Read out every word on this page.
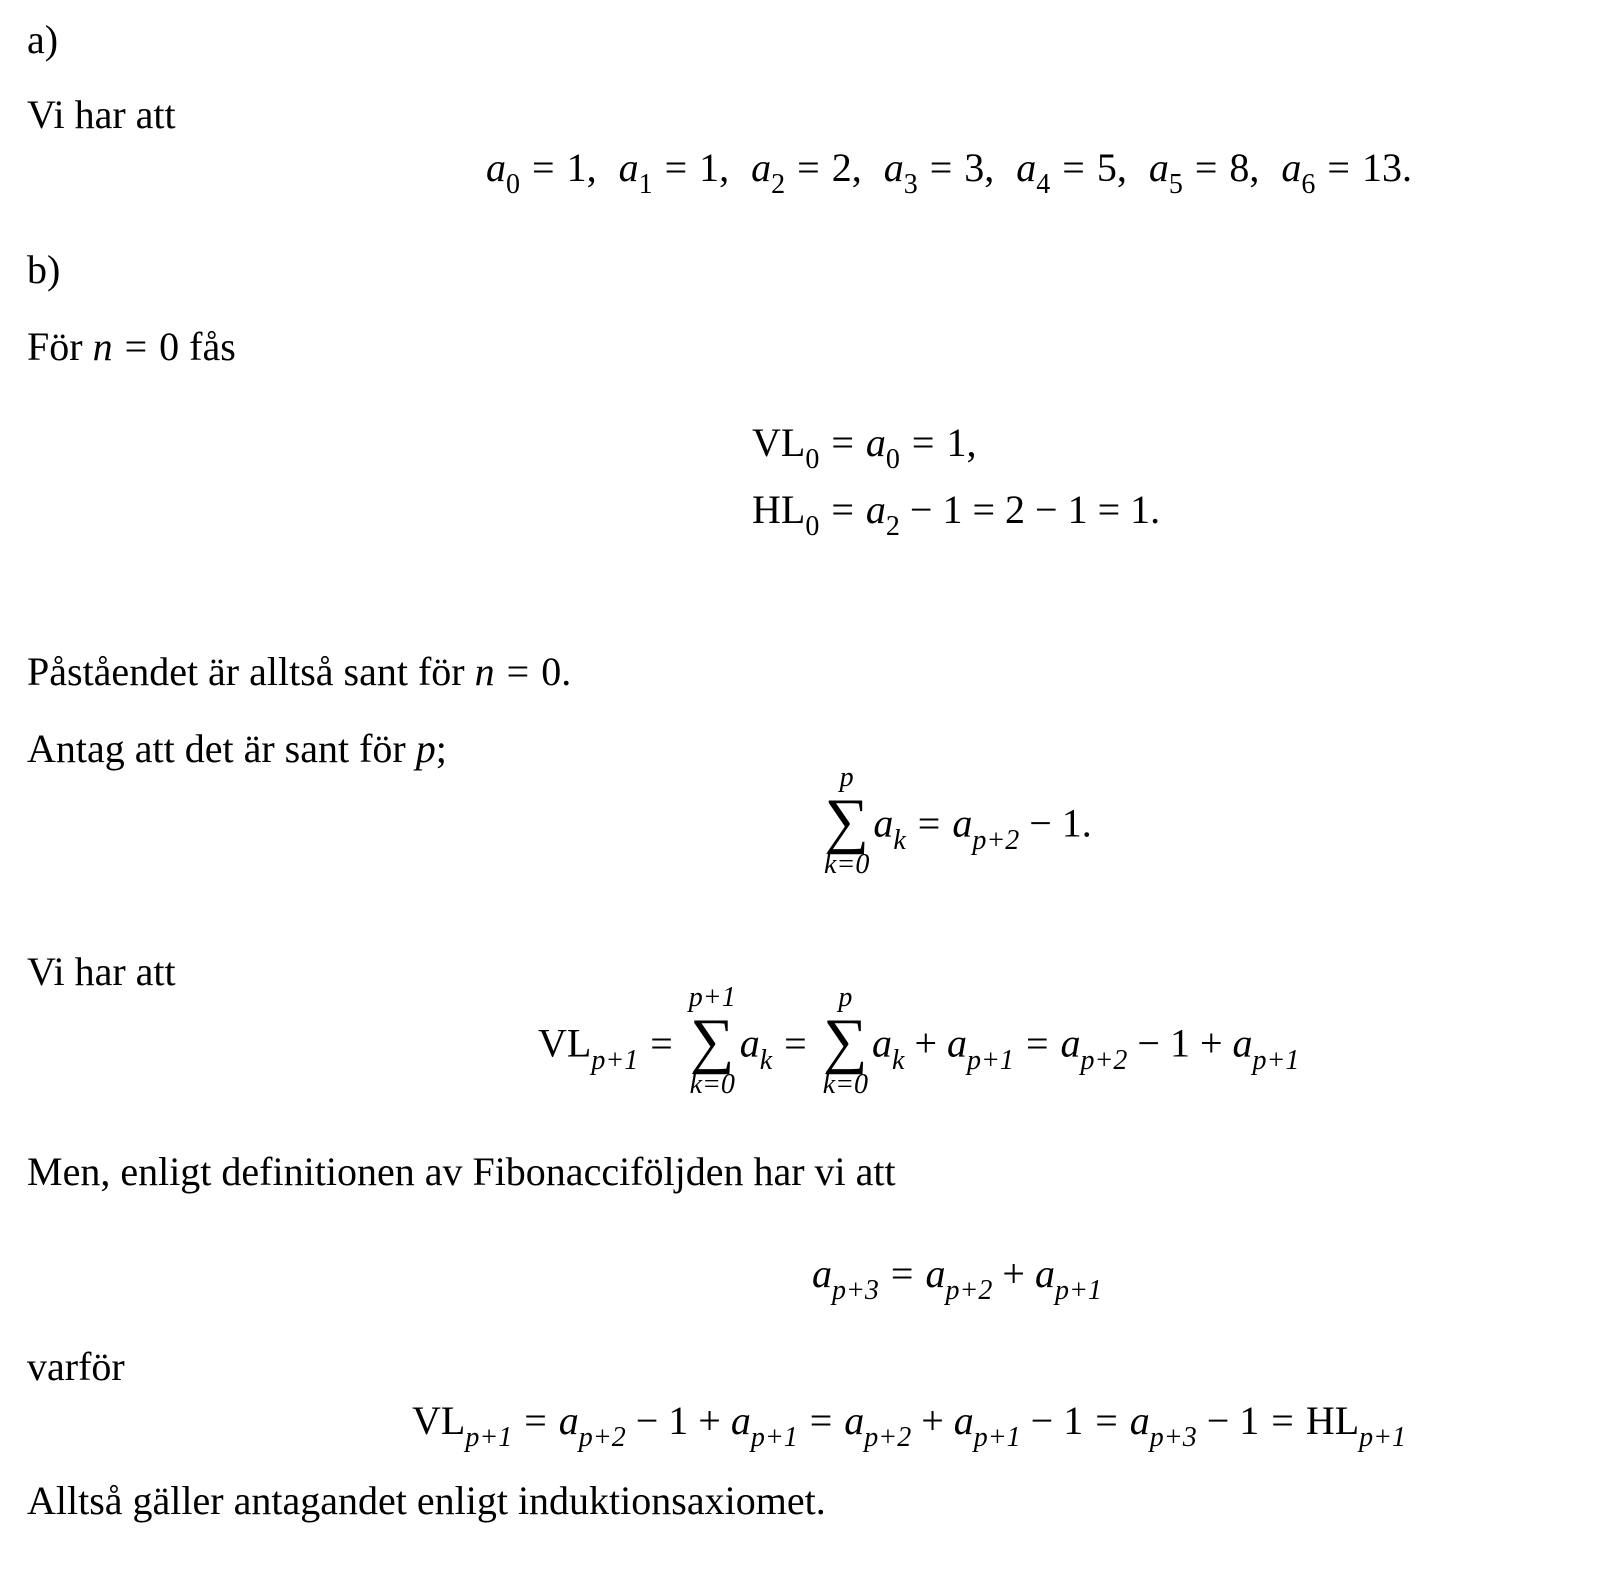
a)
Vi har att
$a_0 = 1$, $a_1 = 1$, $a_2 = 2$, $a_3 = 3$, $a_4 = 5$, $a_5 = 8$, $a_6 = 13$.
b)
För n = 0 fås
$VL_0 = a_0 = 1$,
$HL_0 = a_2 - 1 = 2 - 1 = 1$.
Påståendet är alltså sant för n = 0.
Antag att det är sant för p;
p
∑
k=0
$a_k = a_{p+2} - 1$.
Vi har att
$VL_{p+1}$ =
p+1
∑
k=0
$a_k$ =
p
∑
k=0
$a_k + a_{p+1} = a_{p+2} - 1 + a_{p+1}$
Men, enligt definitionen av Fibonacciföljden har vi att
$a_{p+3} = a_{p+2} + a_{p+1}$
varför
$VL_{p+1} = a_{p+2} - 1 + a_{p+1} = a_{p+2} + a_{p+1} - 1 = a_{p+3} - 1 = HL_{p+1}$
Alltså gäller antagandet enligt induktionsaxiomet.
